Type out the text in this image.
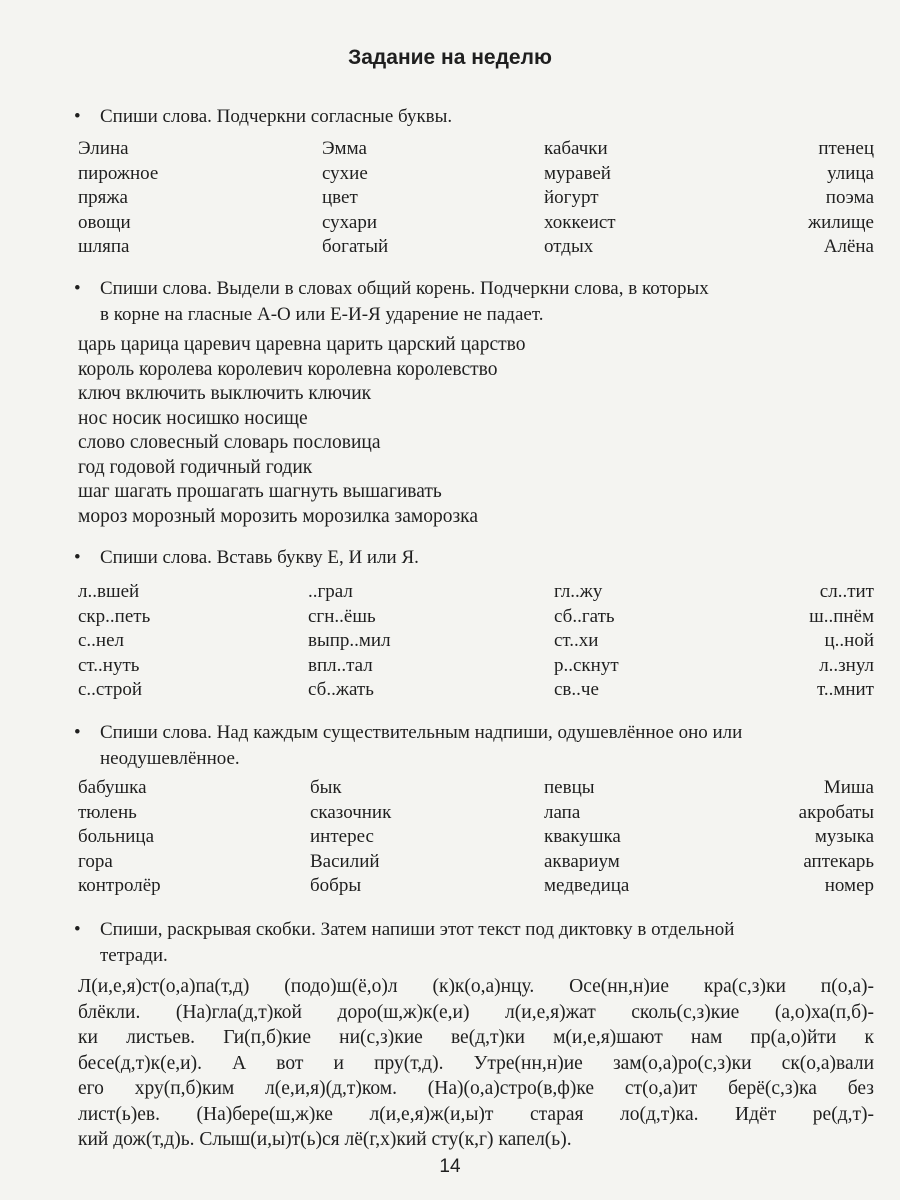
Задание на неделю
•	Спиши слова. Подчеркни согласные буквы.
Элина	Эмма	кабачки	птенец
пирожное	сухие	муравей	улица
пряжа	цвет	йогурт	поэма
овощи	сухари	хоккеист	жилище
шляпа	богатый	отдых	Алёна
•	Спиши слова. Выдели в словах общий корень. Подчеркни слова, в которых
в корне на гласные А-О или Е-И-Я ударение не падает.
царь царица царевич царевна царить царский царство
король королева королевич королевна королевство
ключ включить выключить ключик
нос носик носишко носище
слово словесный словарь пословица
год годовой годичный годик
шаг шагать прошагать шагнуть вышагивать
мороз морозный морозить морозилка заморозка
•	Спиши слова. Вставь букву Е, И или Я.
л..вшей	..грал	гл..жу	сл..тит
скр..петь	сгн..ёшь	сб..гать	ш..пнём
с..нел	выпр..мил	ст..хи	ц..ной
ст..нуть	впл..тал	р..скнут	л..знул
с..строй	сб..жать	св..че	т..мнит
•	Спиши слова. Над каждым существительным надпиши, одушевлённое оно или
неодушевлённое.
бабушка	бык	певцы	Миша
тюлень	сказочник	лапа	акробаты
больница	интерес	квакушка	музыка
гора	Василий	аквариум	аптекарь
контролёр	бобры	медведица	номер
•	Спиши, раскрывая скобки. Затем напиши этот текст под диктовку в отдельной
тетради.
Л(и,е,я)ст(о,а)па(т,д) (подо)ш(ё,о)л (к)к(о,а)нцу. Осе(нн,н)ие кра(с,з)ки п(о,а)-
блёкли. (На)гла(д,т)кой доро(ш,ж)к(е,и) л(и,е,я)жат сколь(с,з)кие (а,о)ха(п,б)-
ки листьев. Ги(п,б)кие ни(с,з)кие ве(д,т)ки м(и,е,я)шают нам пр(а,о)йти к
бесе(д,т)к(е,и). А вот и пру(т,д). Утре(нн,н)ие зам(о,а)ро(с,з)ки ск(о,а)вали
его хру(п,б)ким л(е,и,я)(д,т)ком. (На)(о,а)стро(в,ф)ке ст(о,а)ит берё(с,з)ка без
лист(ь)ев. (На)бере(ш,ж)ке л(и,е,я)ж(и,ы)т старая ло(д,т)ка. Идёт ре(д,т)-
кий дож(т,д)ь. Слыш(и,ы)т(ь)ся лё(г,х)кий сту(к,г) капел(ь).
14
